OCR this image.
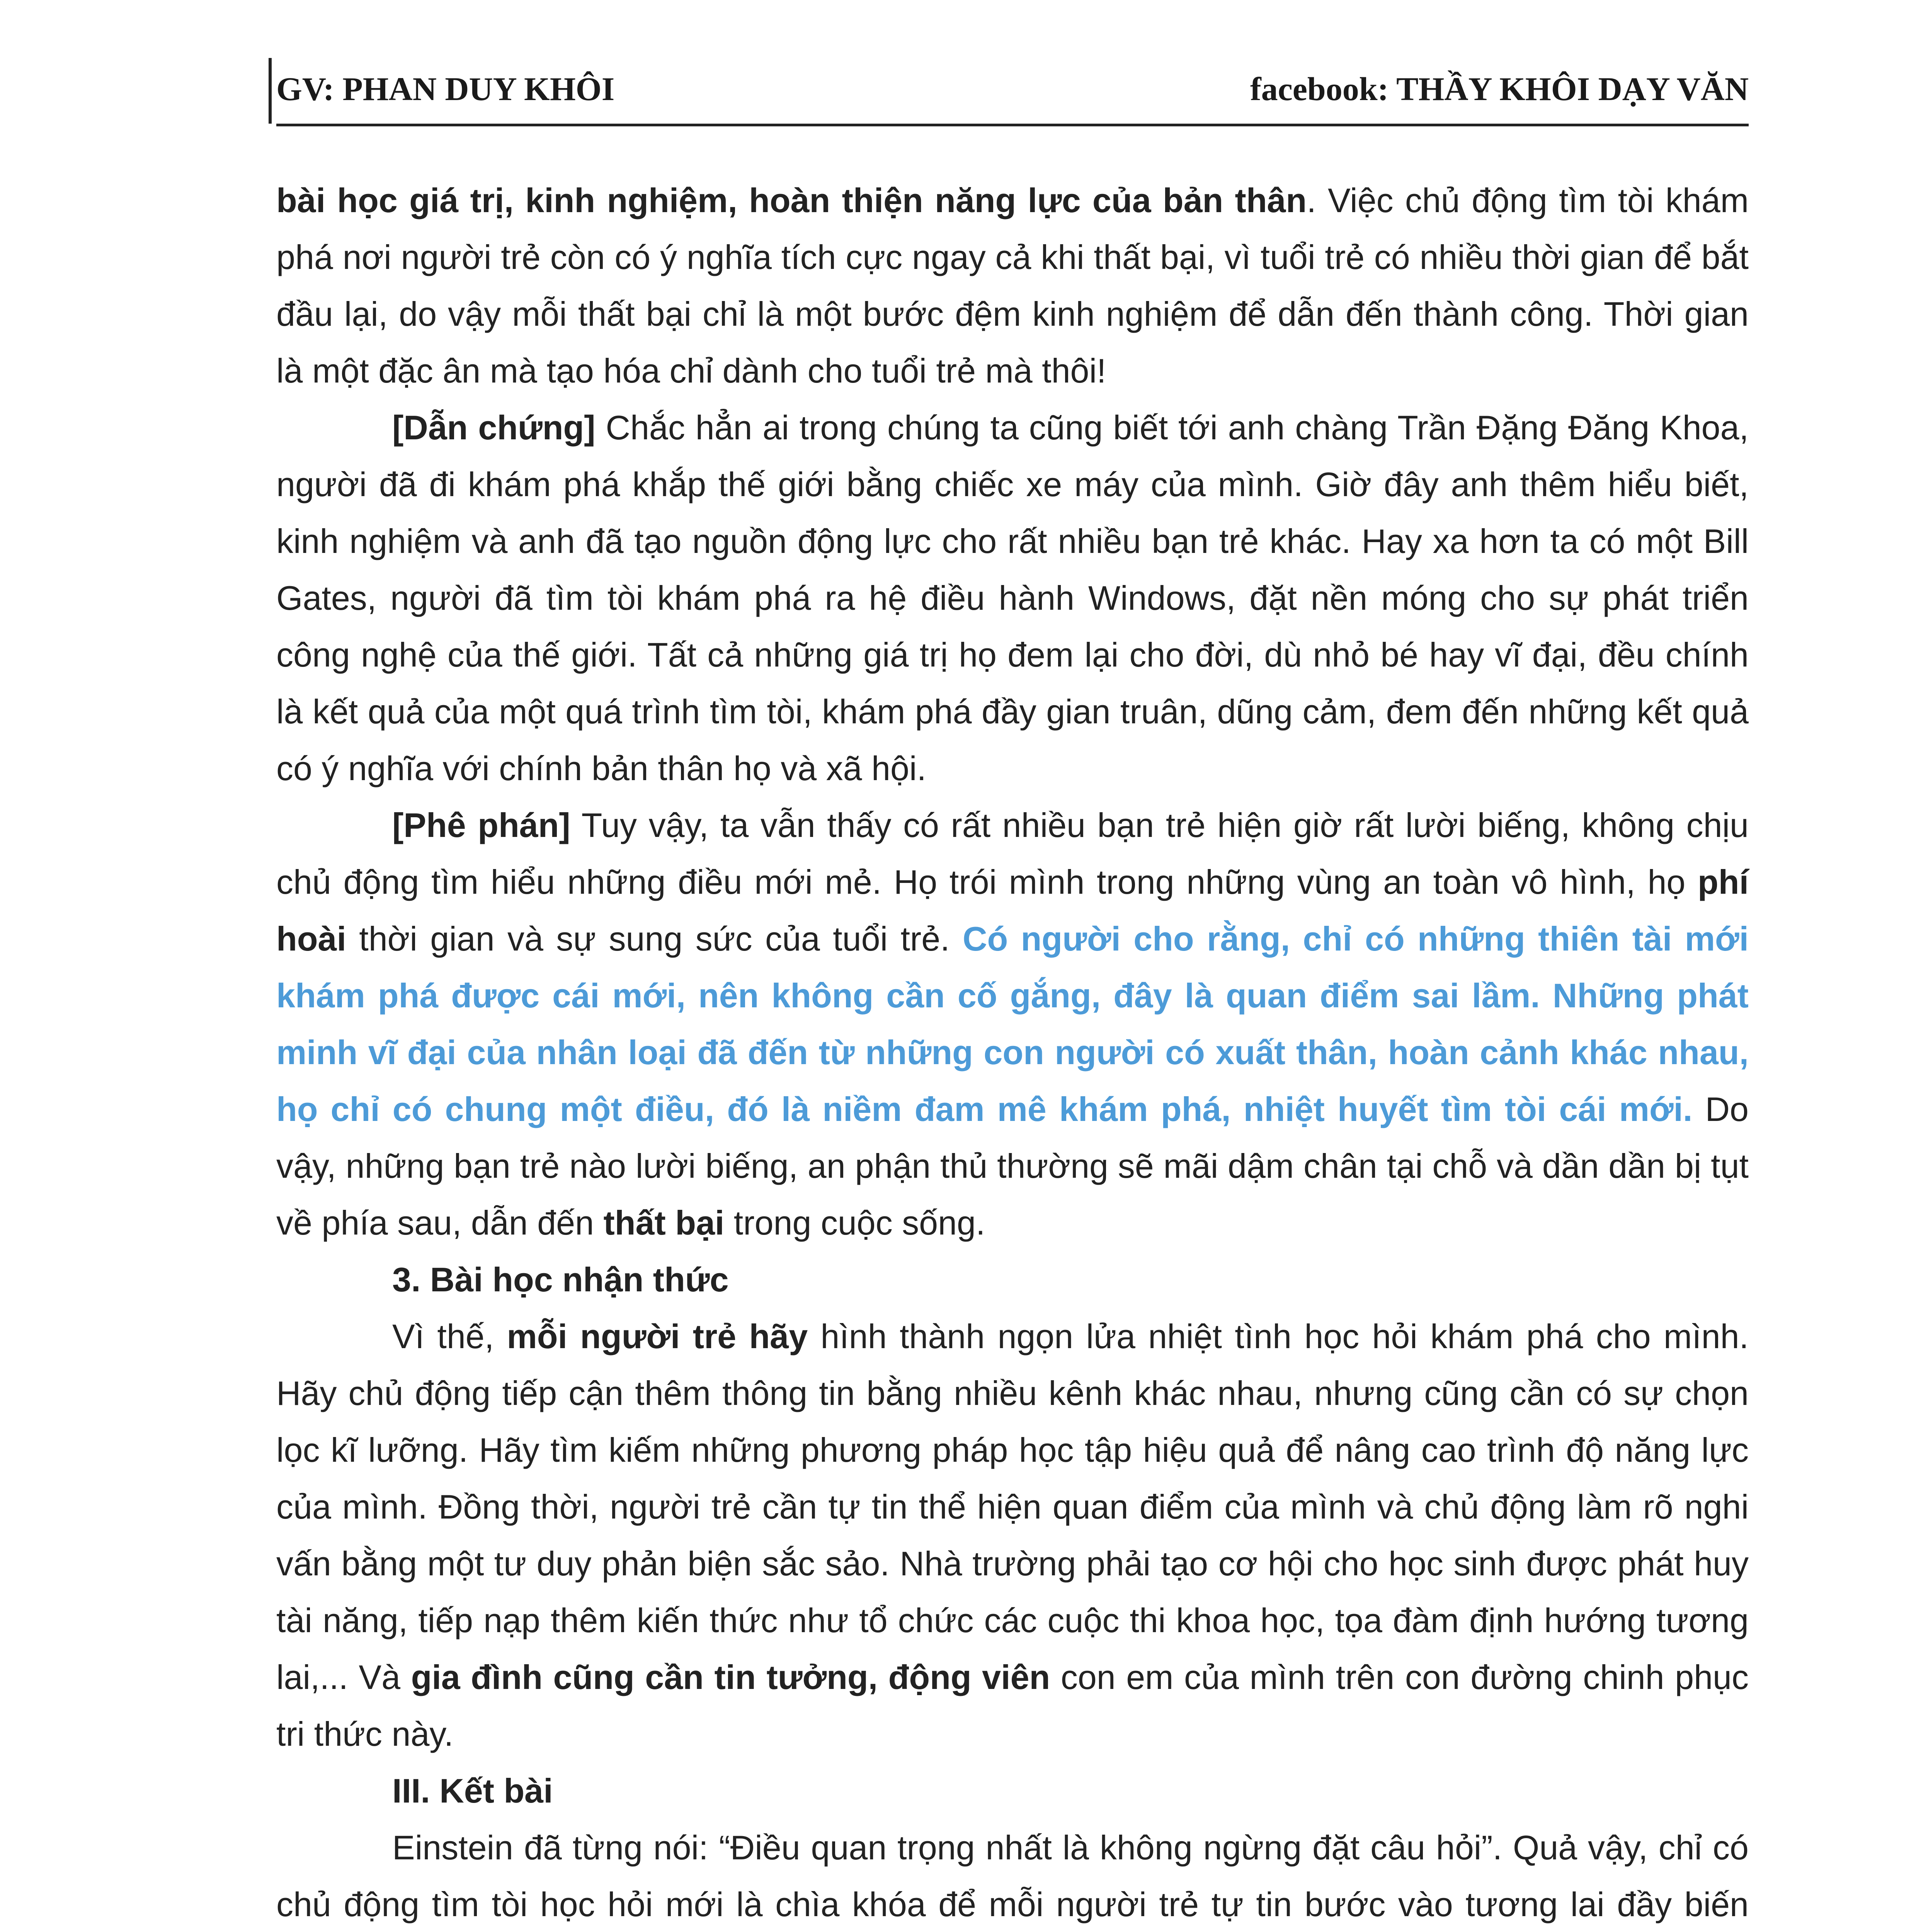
GV: PHAN DUY KHÔI	facebook: THẦY KHÔI DẠY VĂN

bài học giá trị, kinh nghiệm, hoàn thiện năng lực của bản thân. Việc chủ động tìm tòi khám phá nơi người trẻ còn có ý nghĩa tích cực ngay cả khi thất bại, vì tuổi trẻ có nhiều thời gian để bắt đầu lại, do vậy mỗi thất bại chỉ là một bước đệm kinh nghiệm để dẫn đến thành công. Thời gian là một đặc ân mà tạo hóa chỉ dành cho tuổi trẻ mà thôi!

[Dẫn chứng] Chắc hẳn ai trong chúng ta cũng biết tới anh chàng Trần Đặng Đăng Khoa, người đã đi khám phá khắp thế giới bằng chiếc xe máy của mình. Giờ đây anh thêm hiểu biết, kinh nghiệm và anh đã tạo nguồn động lực cho rất nhiều bạn trẻ khác. Hay xa hơn ta có một Bill Gates, người đã tìm tòi khám phá ra hệ điều hành Windows, đặt nền móng cho sự phát triển công nghệ của thế giới. Tất cả những giá trị họ đem lại cho đời, dù nhỏ bé hay vĩ đại, đều chính là kết quả của một quá trình tìm tòi, khám phá đầy gian truân, dũng cảm, đem đến những kết quả có ý nghĩa với chính bản thân họ và xã hội.

[Phê phán] Tuy vậy, ta vẫn thấy có rất nhiều bạn trẻ hiện giờ rất lười biếng, không chịu chủ động tìm hiểu những điều mới mẻ. Họ trói mình trong những vùng an toàn vô hình, họ phí hoài thời gian và sự sung sức của tuổi trẻ. Có người cho rằng, chỉ có những thiên tài mới khám phá được cái mới, nên không cần cố gắng, đây là quan điểm sai lầm. Những phát minh vĩ đại của nhân loại đã đến từ những con người có xuất thân, hoàn cảnh khác nhau, họ chỉ có chung một điều, đó là niềm đam mê khám phá, nhiệt huyết tìm tòi cái mới. Do vậy, những bạn trẻ nào lười biếng, an phận thủ thường sẽ mãi dậm chân tại chỗ và dần dần bị tụt về phía sau, dẫn đến thất bại trong cuộc sống.

3. Bài học nhận thức

Vì thế, mỗi người trẻ hãy hình thành ngọn lửa nhiệt tình học hỏi khám phá cho mình. Hãy chủ động tiếp cận thêm thông tin bằng nhiều kênh khác nhau, nhưng cũng cần có sự chọn lọc kĩ lưỡng. Hãy tìm kiếm những phương pháp học tập hiệu quả để nâng cao trình độ năng lực của mình. Đồng thời, người trẻ cần tự tin thể hiện quan điểm của mình và chủ động làm rõ nghi vấn bằng một tư duy phản biện sắc sảo. Nhà trường phải tạo cơ hội cho học sinh được phát huy tài năng, tiếp nạp thêm kiến thức như tổ chức các cuộc thi khoa học, tọa đàm định hướng tương lai,... Và gia đình cũng cần tin tưởng, động viên con em của mình trên con đường chinh phục tri thức này.

III. Kết bài

Einstein đã từng nói: “Điều quan trọng nhất là không ngừng đặt câu hỏi”. Quả vậy, chỉ có chủ động tìm tòi học hỏi mới là chìa khóa để mỗi người trẻ tự tin bước vào tương lai đầy biến
